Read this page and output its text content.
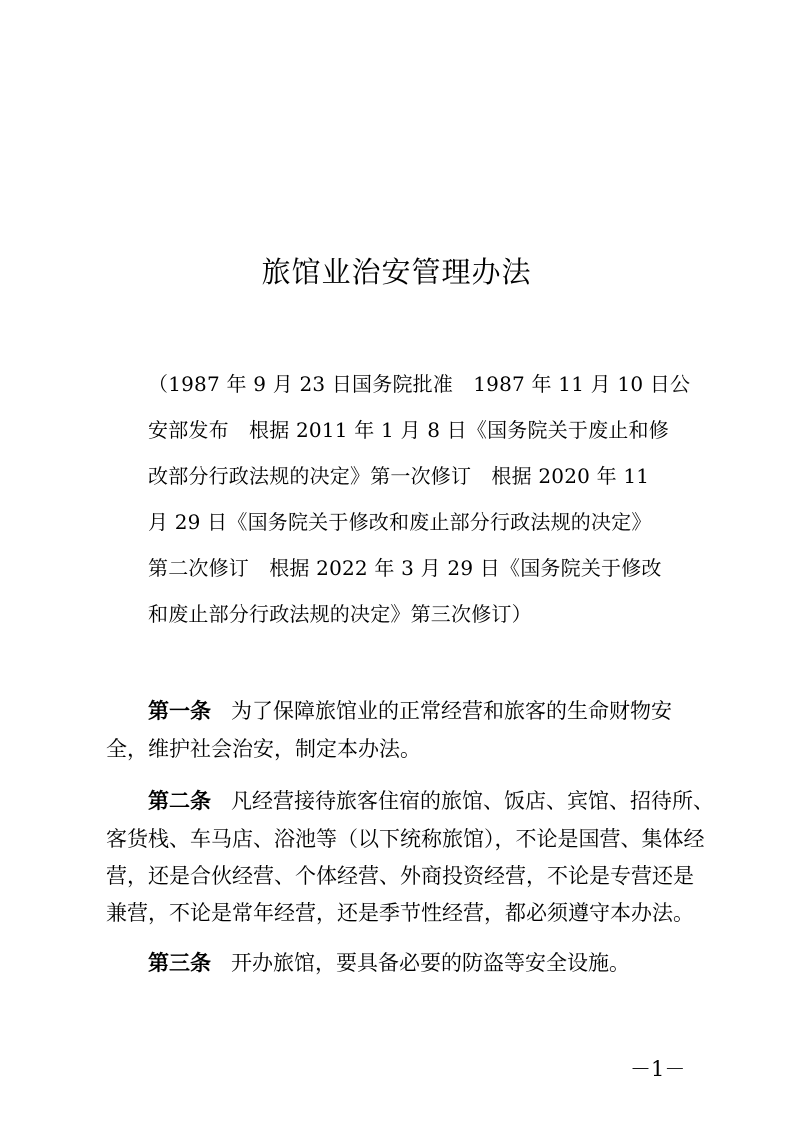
旅馆业治安管理办法
（1987 年 9 月 23 日国务院批准　1987 年 11 月 10 日公
安部发布　根据 2011 年 1 月 8 日《国务院关于废止和修
改部分行政法规的决定》第一次修订　根据 2020 年 11
月 29 日《国务院关于修改和废止部分行政法规的决定》
第二次修订　根据 2022 年 3 月 29 日《国务院关于修改
和废止部分行政法规的决定》第三次修订）
第一条 为了保障旅馆业的正常经营和旅客的生命财物安
全，维护社会治安，制定本办法。
第二条 凡经营接待旅客住宿的旅馆、饭店、宾馆、招待所、
客货栈、车马店、浴池等（以下统称旅馆），不论是国营、集体经
营，还是合伙经营、个体经营、外商投资经营，不论是专营还是
兼营，不论是常年经营，还是季节性经营，都必须遵守本办法。
第三条 开办旅馆，要具备必要的防盗等安全设施。
－1－
